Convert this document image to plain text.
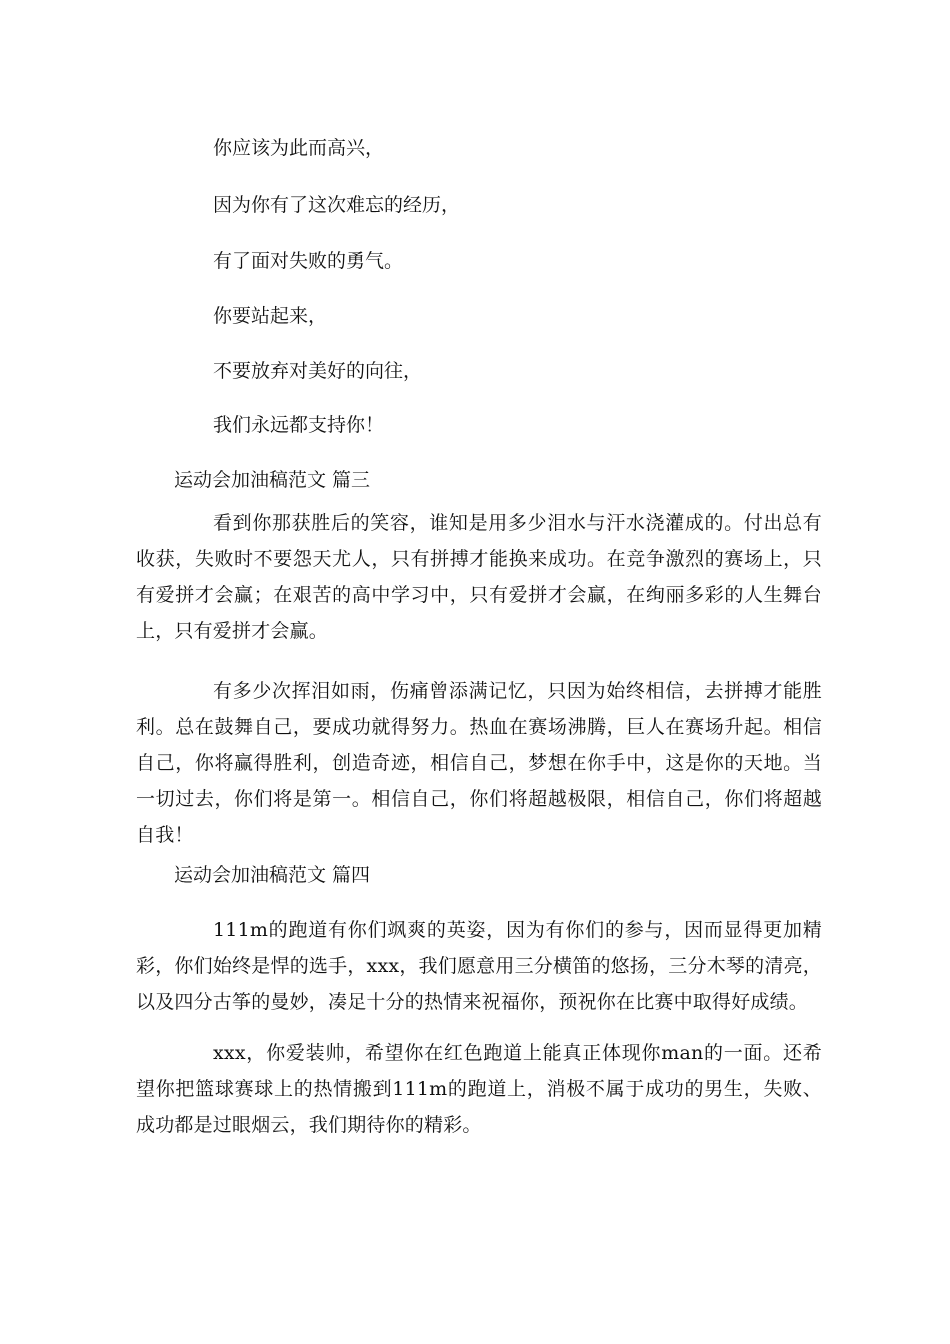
你应该为此而高兴，
因为你有了这次难忘的经历，
有了面对失败的勇气。
你要站起来，
不要放弃对美好的向往，
我们永远都支持你！
运动会加油稿范文 篇三

看到你那获胜后的笑容，谁知是用多少泪水与汗水浇灌成的。付出总有收获，失败时不要怨天尤人，只有拼搏才能换来成功。在竞争激烈的赛场上，只有爱拼才会赢；在艰苦的高中学习中，只有爱拼才会赢，在绚丽多彩的人生舞台上，只有爱拼才会赢。

有多少次挥泪如雨，伤痛曾添满记忆，只因为始终相信，去拼搏才能胜利。总在鼓舞自己，要成功就得努力。热血在赛场沸腾，巨人在赛场升起。相信自己，你将赢得胜利，创造奇迹，相信自己，梦想在你手中，这是你的天地。当一切过去，你们将是第一。相信自己，你们将超越极限，相信自己，你们将超越自我！

运动会加油稿范文 篇四

111m的跑道有你们飒爽的英姿，因为有你们的参与，因而显得更加精彩，你们始终是悍的选手，xxx，我们愿意用三分横笛的悠扬，三分木琴的清亮，以及四分古筝的曼妙，凑足十分的热情来祝福你，预祝你在比赛中取得好成绩。

xxx，你爱装帅，希望你在红色跑道上能真正体现你man的一面。还希望你把篮球赛球上的热情搬到111m的跑道上，消极不属于成功的男生，失败、成功都是过眼烟云，我们期待你的精彩。
